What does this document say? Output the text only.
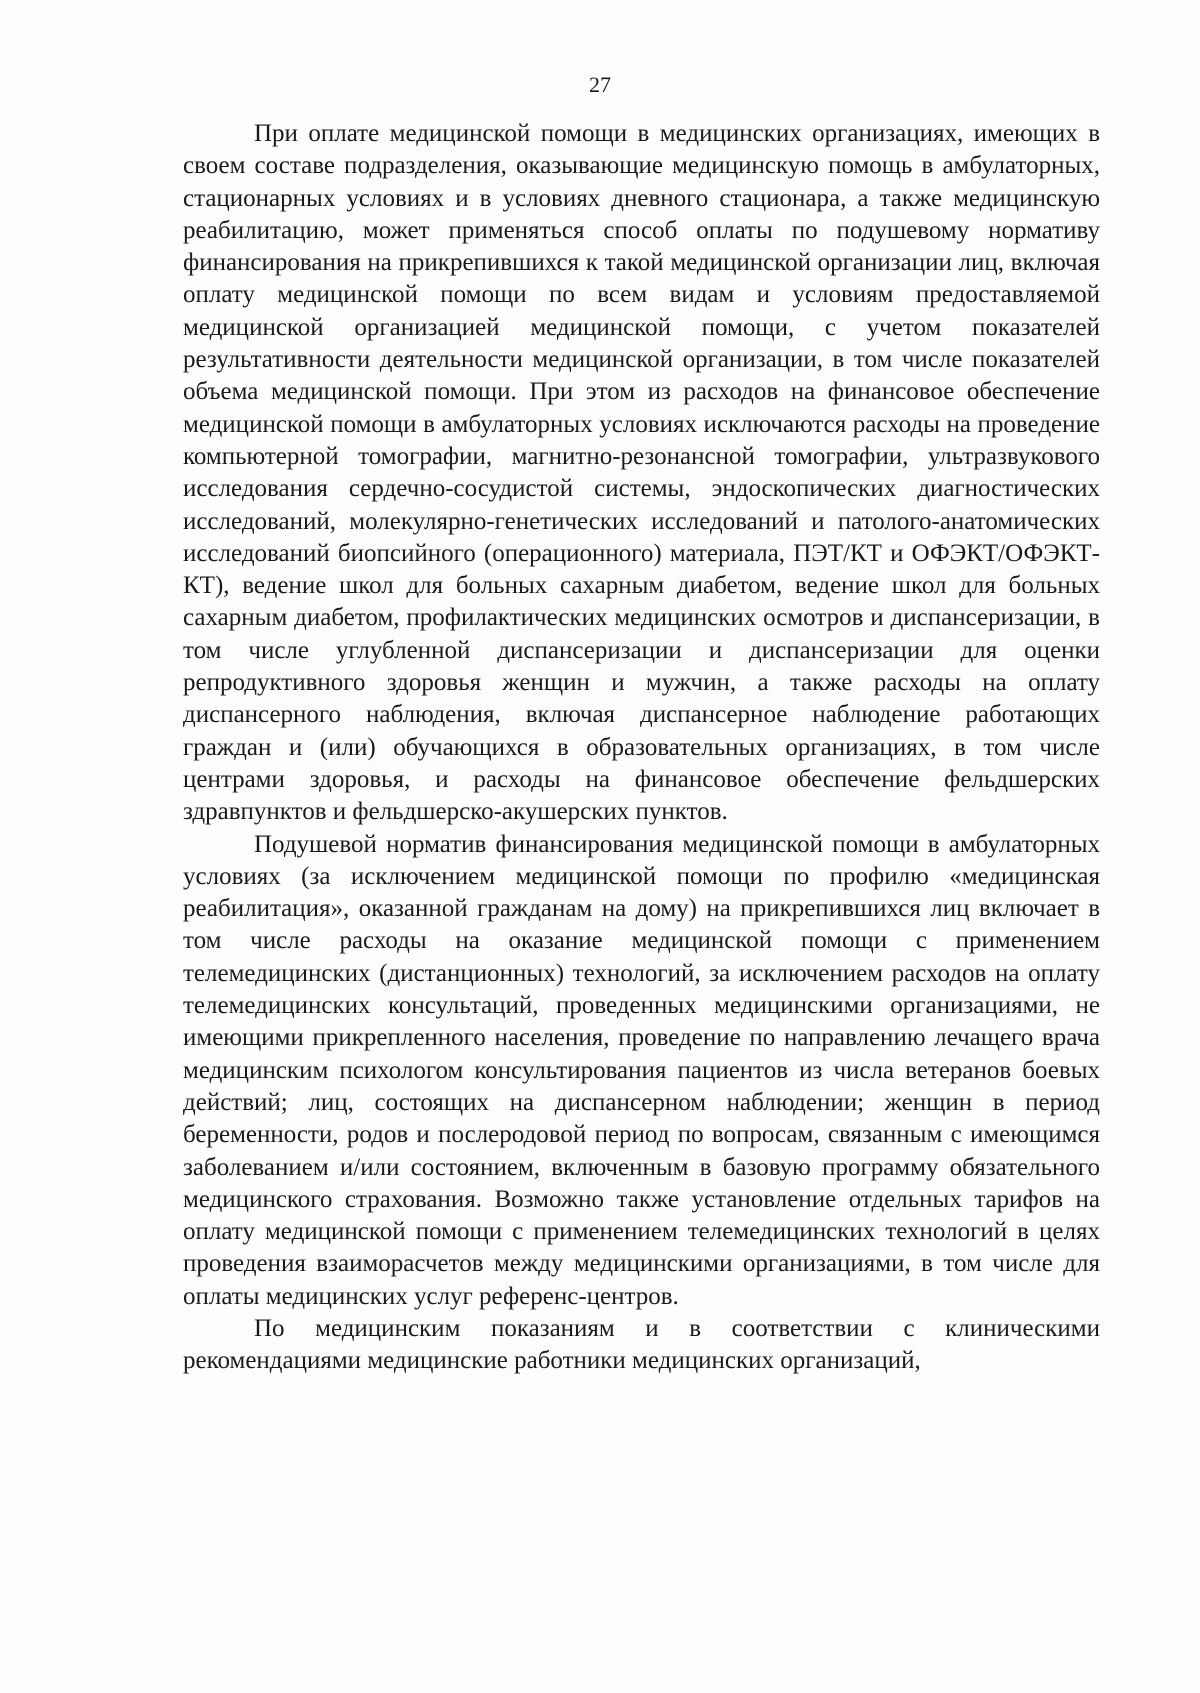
27

При оплате медицинской помощи в медицинских организациях, имеющих в своем составе подразделения, оказывающие медицинскую помощь в амбулаторных, стационарных условиях и в условиях дневного стационара, а также медицинскую реабилитацию, может применяться способ оплаты по подушевому нормативу финансирования на прикрепившихся к такой медицинской организации лиц, включая оплату медицинской помощи по всем видам и условиям предоставляемой медицинской организацией медицинской помощи, с учетом показателей результативности деятельности медицинской организации, в том числе показателей объема медицинской помощи. При этом из расходов на финансовое обеспечение медицинской помощи в амбулаторных условиях исключаются расходы на проведение компьютерной томографии, магнитно-резонансной томографии, ультразвукового исследования сердечно-сосудистой системы, эндоскопических диагностических исследований, молекулярно-генетических исследований и патолого-анатомических исследований биопсийного (операционного) материала, ПЭТ/КТ и ОФЭКТ/ОФЭКТ-КТ), ведение школ для больных сахарным диабетом, ведение школ для больных сахарным диабетом, профилактических медицинских осмотров и диспансеризации, в том числе углубленной диспансеризации и диспансеризации для оценки репродуктивного здоровья женщин и мужчин, а также расходы на оплату диспансерного наблюдения, включая диспансерное наблюдение работающих граждан и (или) обучающихся в образовательных организациях, в том числе центрами здоровья, и расходы на финансовое обеспечение фельдшерских здравпунктов и фельдшерско-акушерских пунктов.

Подушевой норматив финансирования медицинской помощи в амбулаторных условиях (за исключением медицинской помощи по профилю «медицинская реабилитация», оказанной гражданам на дому) на прикрепившихся лиц включает в том числе расходы на оказание медицинской помощи с применением телемедицинских (дистанционных) технологий, за исключением расходов на оплату телемедицинских консультаций, проведенных медицинскими организациями, не имеющими прикрепленного населения, проведение по направлению лечащего врача медицинским психологом консультирования пациентов из числа ветеранов боевых действий; лиц, состоящих на диспансерном наблюдении; женщин в период беременности, родов и послеродовой период по вопросам, связанным с имеющимся заболеванием и/или состоянием, включенным в базовую программу обязательного медицинского страхования. Возможно также установление отдельных тарифов на оплату медицинской помощи с применением телемедицинских технологий в целях проведения взаиморасчетов между медицинскими организациями, в том числе для оплаты медицинских услуг референс-центров.

По медицинским показаниям и в соответствии с клиническими рекомендациями медицинские работники медицинских организаций,
